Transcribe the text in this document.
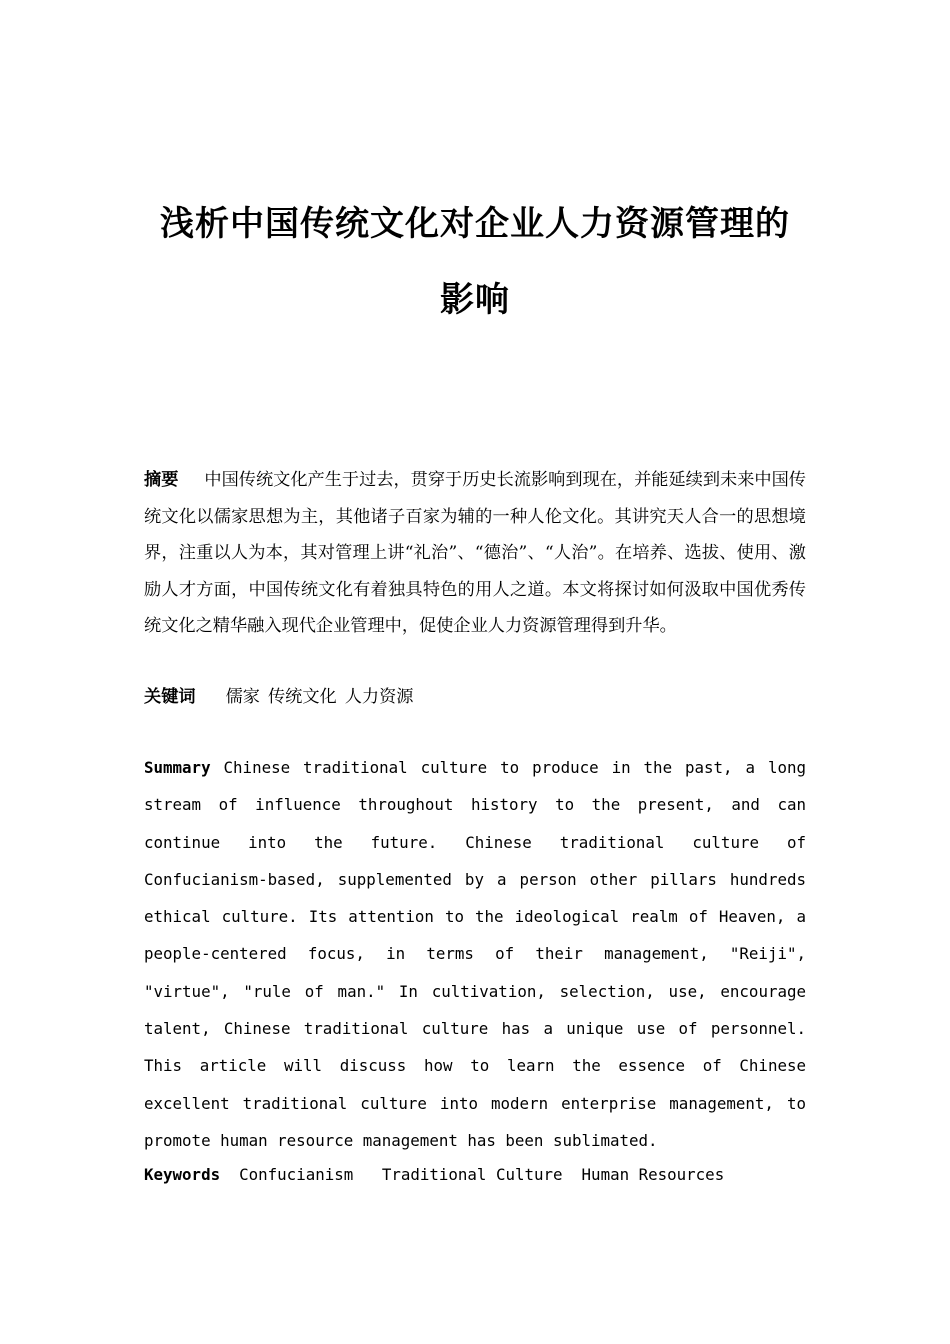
浅析中国传统文化对企业人力资源管理的
影响
摘要 中国传统文化产生于过去，贯穿于历史长流影响到现在，并能延续到未来中国传统文化以儒家思想为主，其他诸子百家为辅的一种人伦文化。其讲究天人合一的思想境界，注重以人为本，其对管理上讲“礼治”、“德治”、“人治”。在培养、选拔、使用、激励人才方面，中国传统文化有着独具特色的用人之道。本文将探讨如何汲取中国优秀传统文化之精华融入现代企业管理中，促使企业人力资源管理得到升华。
关键词 儒家 传统文化 人力资源
Summary Chinese traditional culture to produce in the past, a long stream of influence throughout history to the present, and can continue into the future. Chinese traditional culture of Confucianism-based, supplemented by a person other pillars hundreds ethical culture. Its attention to the ideological realm of Heaven, a people-centered focus, in terms of their management, "Reiji", "virtue", "rule of man." In cultivation, selection, use, encourage talent, Chinese traditional culture has a unique use of personnel. This article will discuss how to learn the essence of Chinese excellent traditional culture into modern enterprise management, to promote human resource management has been sublimated.
Keywords Confucianism Traditional Culture Human Resources
